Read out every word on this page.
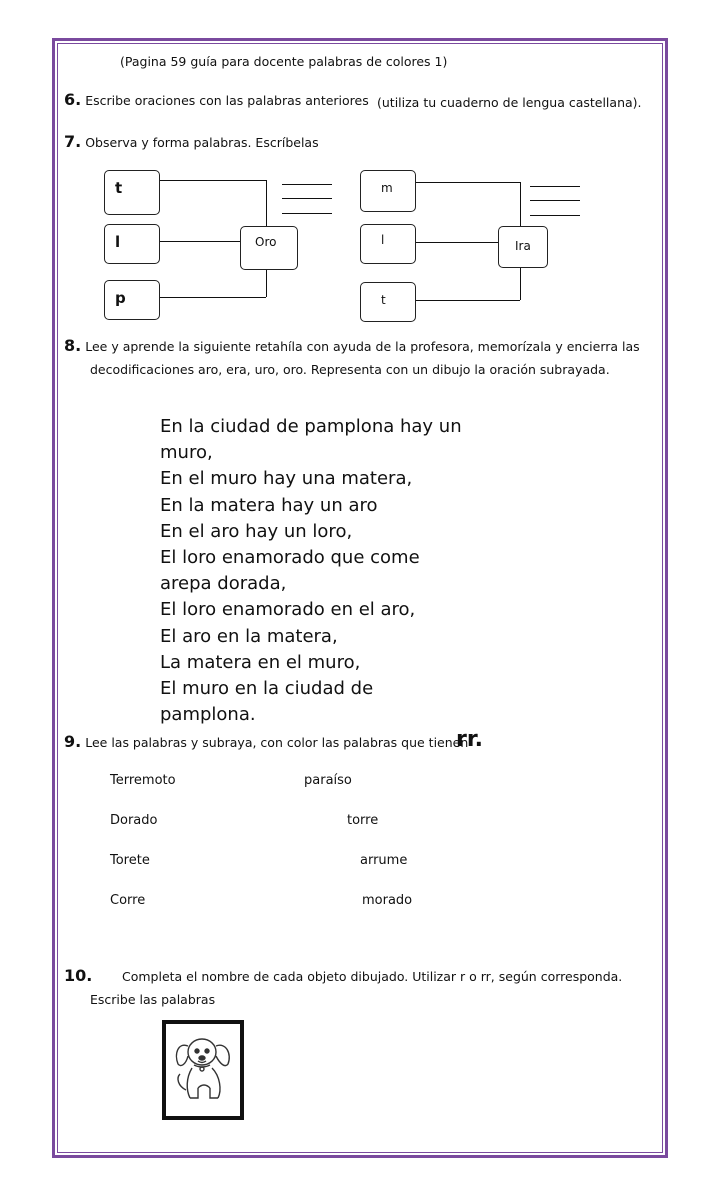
(Pagina 59 guía para docente palabras de colores 1)
6. Escribe oraciones con las palabras anteriores (utiliza tu cuaderno de lengua castellana).
7. Observa y forma palabras. Escríbelas
t
l
p
Oro
m
l
t
Ira
8. Lee y aprende la siguiente retahíla con ayuda de la profesora, memorízala y encierra las
decodificaciones aro, era, uro, oro. Representa con un dibujo la oración subrayada.
En la ciudad de pamplona hay un
muro,
En el muro hay una matera,
En la matera hay un aro
En el aro hay un loro,
El loro enamorado que come
arepa dorada,
El loro enamorado en el aro,
El aro en la matera,
La matera en el muro,
El muro en la ciudad de
pamplona.
9. Lee las palabras y subraya, con color las palabras que tienen
rr.
Terremoto
Dorado
Torete
Corre
paraíso
torre
arrume
morado
10.	Completa el nombre de cada objeto dibujado. Utilizar r o rr, según corresponda.
Escribe las palabras
